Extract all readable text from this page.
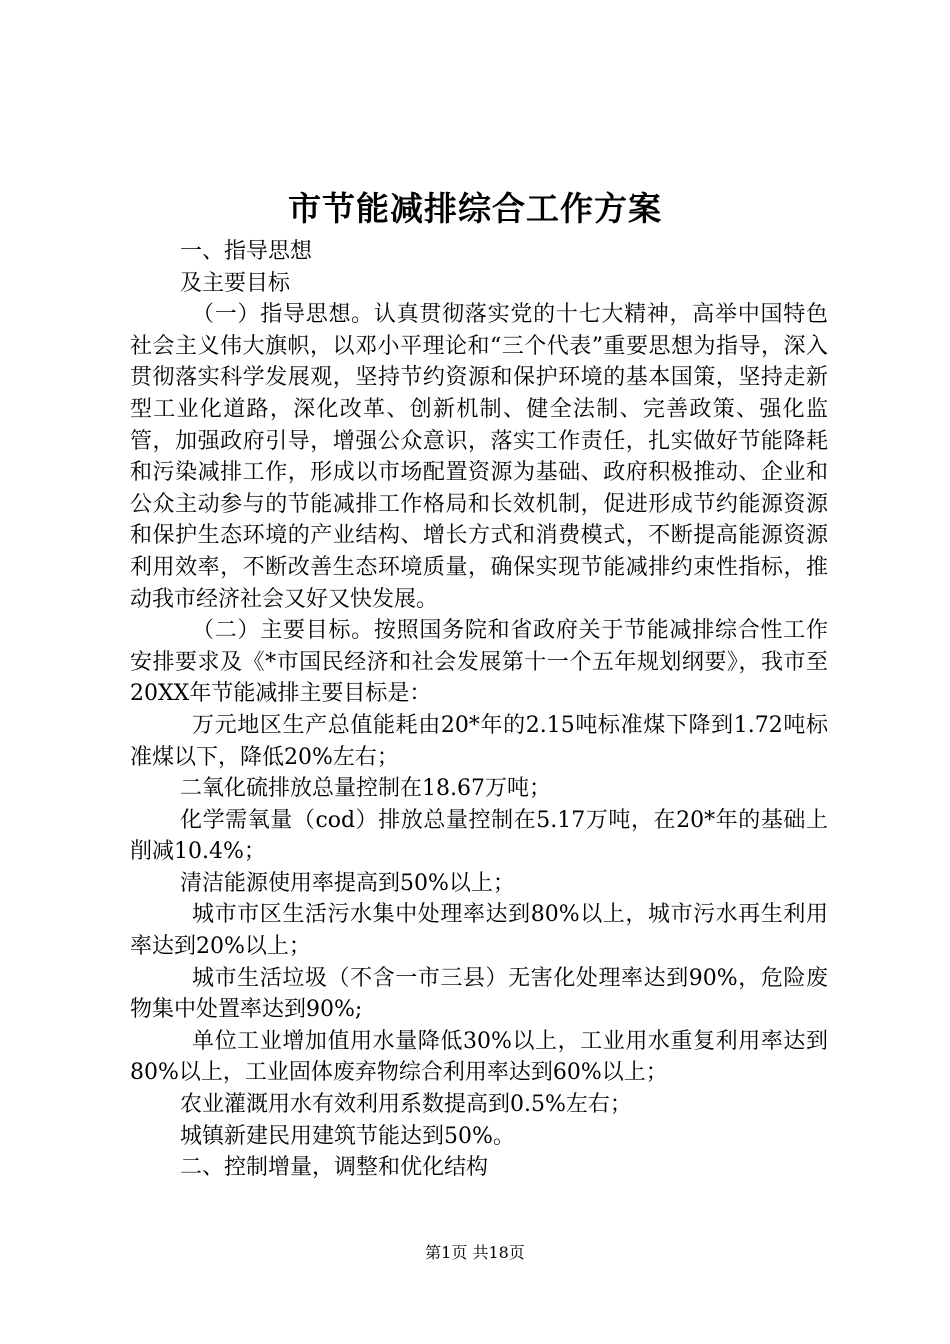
市节能减排综合工作方案

一、指导思想

及主要目标

（一）指导思想。认真贯彻落实党的十七大精神，高举中国特色社会主义伟大旗帜，以邓小平理论和“三个代表”重要思想为指导，深入贯彻落实科学发展观，坚持节约资源和保护环境的基本国策，坚持走新型工业化道路，深化改革、创新机制、健全法制、完善政策、强化监管，加强政府引导，增强公众意识，落实工作责任，扎实做好节能降耗和污染减排工作，形成以市场配置资源为基础、政府积极推动、企业和公众主动参与的节能减排工作格局和长效机制，促进形成节约能源资源和保护生态环境的产业结构、增长方式和消费模式，不断提高能源资源利用效率，不断改善生态环境质量，确保实现节能减排约束性指标，推动我市经济社会又好又快发展。

（二）主要目标。按照国务院和省政府关于节能减排综合性工作安排要求及《*市国民经济和社会发展第十一个五年规划纲要》，我市至20XX年节能减排主要目标是：

万元地区生产总值能耗由20*年的2.15吨标准煤下降到1.72吨标准煤以下，降低20%左右；

二氧化硫排放总量控制在18.67万吨；

化学需氧量（cod）排放总量控制在5.17万吨，在20*年的基础上削减10.4%；

清洁能源使用率提高到50%以上；

城市市区生活污水集中处理率达到80%以上，城市污水再生利用率达到20%以上；

城市生活垃圾（不含一市三县）无害化处理率达到90%，危险废物集中处置率达到90%;

单位工业增加值用水量降低30%以上，工业用水重复利用率达到80%以上，工业固体废弃物综合利用率达到60%以上；

农业灌溉用水有效利用系数提高到0.5%左右；

城镇新建民用建筑节能达到50%。

二、控制增量，调整和优化结构

第1页 共18页
